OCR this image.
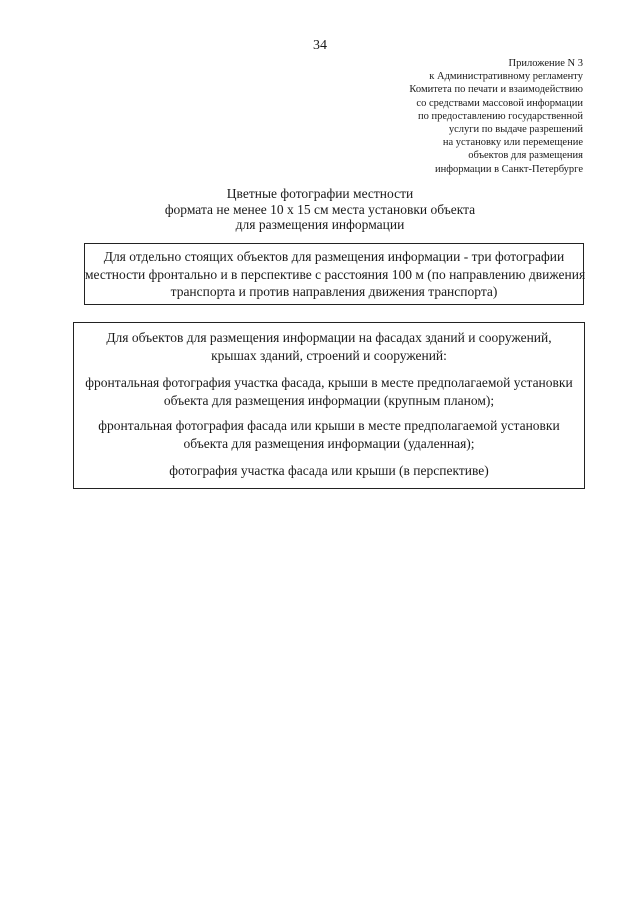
34
Приложение N 3
к Административному регламенту
Комитета по печати и взаимодействию
со средствами массовой информации
по предоставлению государственной
услуги по выдаче разрешений
на установку или перемещение
объектов для размещения
информации в Санкт-Петербурге
Цветные фотографии местности
формата не менее 10 х 15 см места установки объекта
для размещения информации
Для отдельно стоящих объектов для размещения информации - три фотографии
местности фронтально и в перспективе с расстояния 100 м (по направлению движения
транспорта и против направления движения транспорта)
Для объектов для размещения информации на фасадах зданий и сооружений,
крышах зданий, строений и сооружений:
фронтальная фотография участка фасада, крыши в месте предполагаемой установки
объекта для размещения информации (крупным планом);
фронтальная фотография фасада или крыши в месте предполагаемой установки
объекта для размещения информации (удаленная);
фотография участка фасада или крыши (в перспективе)
